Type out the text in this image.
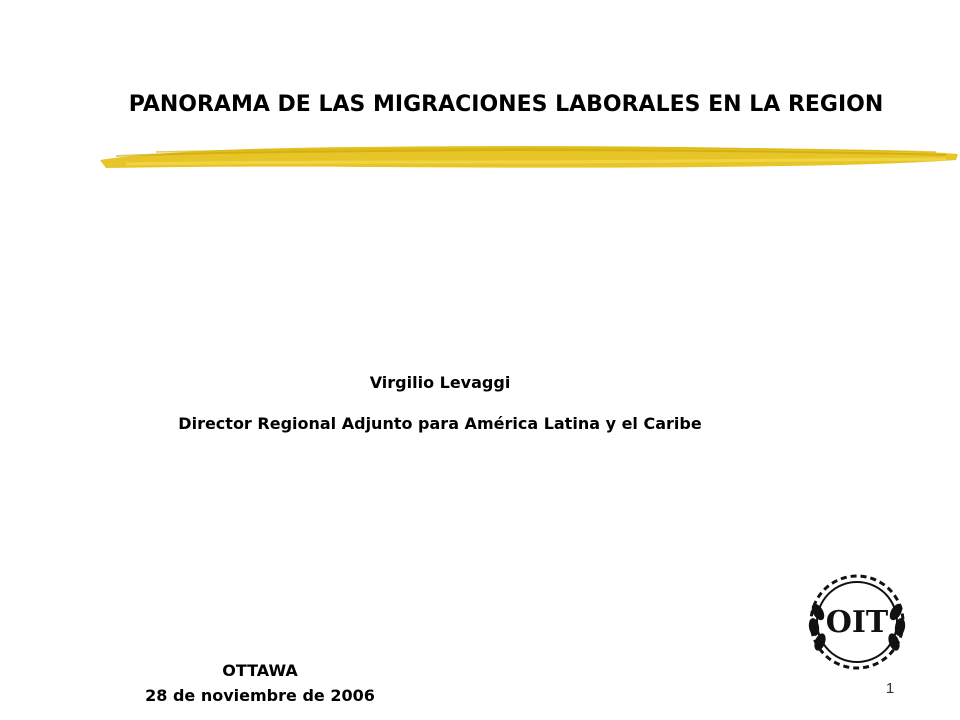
PANORAMA DE LAS MIGRACIONES LABORALES EN LA REGION
Virgilio Levaggi
Director Regional Adjunto para América Latina y el Caribe
OIT
OTTAWA
28 de noviembre de 2006	1
